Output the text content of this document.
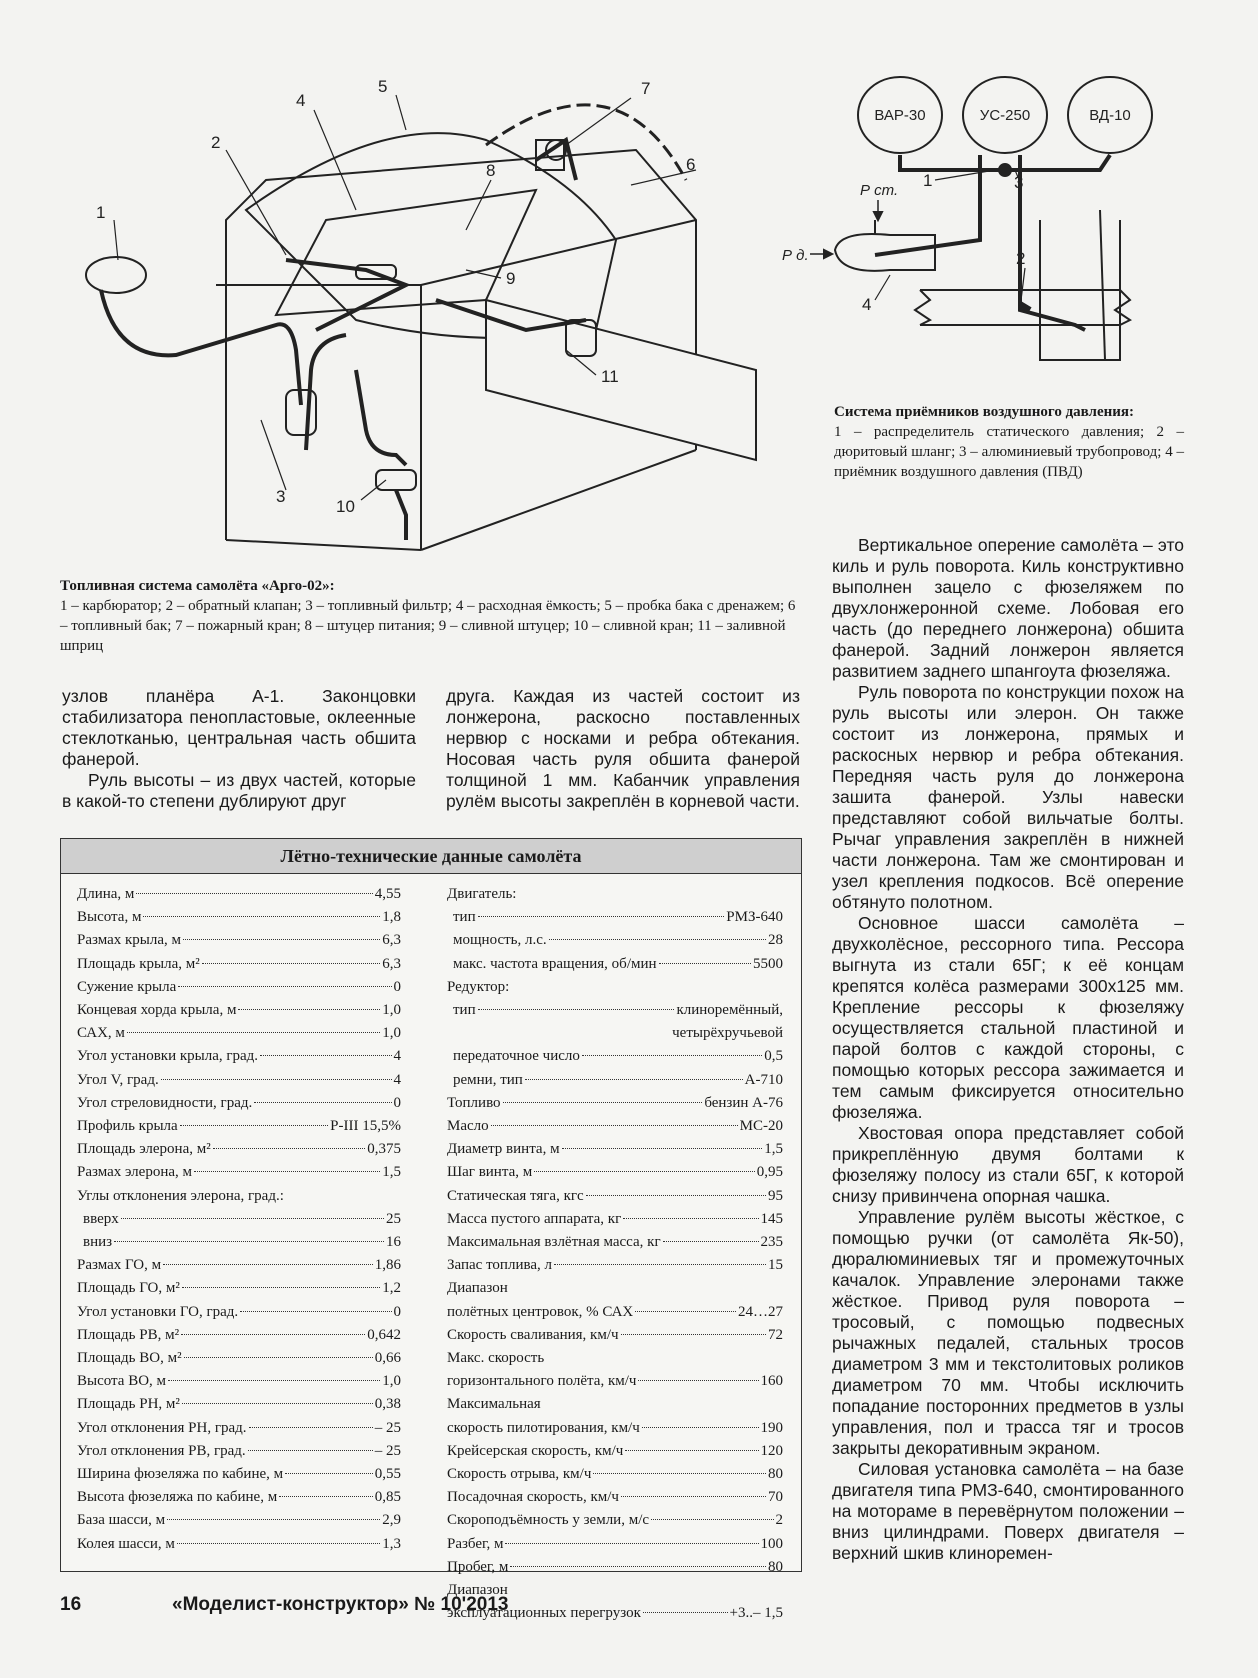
1
2
3
4
5
6
7
8
9
10
11
Топливная система самолёта «Арго-02»:
1 – карбюратор; 2 – обратный клапан; 3 – топливный фильтр; 4 – расходная ёмкость; 5 – пробка бака с дренажем; 6 – топливный бак; 7 – пожарный кран; 8 – штуцер питания; 9 – сливной штуцер; 10 – сливной кран; 11 – заливной шприц
ВАР-30	УС-250	ВД-10
Р ст.
Р д.
1
2
3
4
Система приёмников воздушного давления:
1 – распределитель статического давления; 2 – дюритовый шланг; 3 – алюминиевый трубопровод; 4 – приёмник воздушного давления (ПВД)

узлов планёра А-1. Законцовки стабилизатора пенопластовые, оклеенные стеклотканью, центральная часть обшита фанерой.

Руль высоты – из двух частей, которые в какой-то степени дублируют друг

друга. Каждая из частей состоит из лонжерона, раскосно поставленных нервюр с носками и ребра обтекания. Носовая часть руля обшита фанерой толщиной 1 мм. Кабанчик управления рулём высоты закреплён в корневой части.

Вертикальное оперение самолёта – это киль и руль поворота. Киль конструктивно выполнен зацело с фюзеляжем по двухлонжеронной схеме. Лобовая его часть (до переднего лонжерона) обшита фанерой. Задний лонжерон является развитием заднего шпангоута фюзеляжа.

Руль поворота по конструкции похож на руль высоты или элерон. Он также состоит из лонжерона, прямых и раскосных нервюр и ребра обтекания. Передняя часть руля до лонжерона зашита фанерой. Узлы навески представляют собой вильчатые болты. Рычаг управления закреплён в нижней части лонжерона. Там же смонтирован и узел крепления подкосов. Всё оперение обтянуто полотном.

Основное шасси самолёта – двухколёсное, рессорного типа. Рессора выгнута из стали 65Г; к её концам крепятся колёса размерами 300х125 мм. Крепление рессоры к фюзеляжу осуществляется стальной пластиной и парой болтов с каждой стороны, с помощью которых рессора зажимается и тем самым фиксируется относительно фюзеляжа.

Хвостовая опора представляет собой прикреплённую двумя болтами к фюзеляжу полосу из стали 65Г, к которой снизу привинчена опорная чашка.

Управление рулём высоты жёсткое, с помощью ручки (от самолёта Як-50), дюралюминиевых тяг и промежуточных качалок. Управление элеронами также жёсткое. Привод руля поворота – тросовый, с помощью подвесных рычажных педалей, стальных тросов диаметром 3 мм и текстолитовых роликов диаметром 70 мм. Чтобы исключить попадание посторонних предметов в узлы управления, пол и трасса тяг и тросов закрыты декоративным экраном.

Силовая установка самолёта – на базе двигателя типа РМЗ-640, смонтированного на мотораме в перевёрнутом положении – вниз цилиндрами. Поверх двигателя – верхний шкив клиноремен-

Лётно-технические данные самолёта
Длина, м	4,55
Высота, м	1,8
Размах крыла, м	6,3
Площадь крыла, м²	6,3
Сужение крыла	0
Концевая хорда крыла, м	1,0
САХ, м	1,0
Угол установки крыла, град.	4
Угол V, град.	4
Угол стреловидности, град.	0
Профиль крыла	Р-III 15,5%
Площадь элерона, м²	0,375
Размах элерона, м	1,5
Углы отклонения элерона, град.:
вверх	25
вниз	16
Размах ГО, м	1,86
Площадь ГО, м²	1,2
Угол установки ГО, град.	0
Площадь РВ, м²	0,642
Площадь ВО, м²	0,66
Высота ВО, м	1,0
Площадь РН, м²	0,38
Угол отклонения РН, град.	– 25
Угол отклонения РВ, град.	– 25
Ширина фюзеляжа по кабине, м	0,55
Высота фюзеляжа по кабине, м	0,85
База шасси, м	2,9
Колея шасси, м	1,3
Двигатель:
тип	РМЗ-640
мощность, л.с.	28
макс. частота вращения, об/мин	5500
Редуктор:
тип	клиноремённый,
четырёхручьевой
передаточное число	0,5
ремни, тип	А-710
Топливо	бензин А-76
Масло	МС-20
Диаметр винта, м	1,5
Шаг винта, м	0,95
Статическая тяга, кгс	95
Масса пустого аппарата, кг	145
Максимальная взлётная масса, кг	235
Запас топлива, л	15
Диапазон
полётных центровок, % САХ	24…27
Скорость сваливания, км/ч	72
Макс. скорость
горизонтального полёта, км/ч	160
Максимальная
скорость пилотирования, км/ч	190
Крейсерская скорость, км/ч	120
Скорость отрыва, км/ч	80
Посадочная скорость, км/ч	70
Скороподъёмность у земли, м/с	2
Разбег, м	100
Пробег, м	80
Диапазон
эксплуатационных перегрузок	+3..– 1,5
16	«Моделист-конструктор» № 10'2013
